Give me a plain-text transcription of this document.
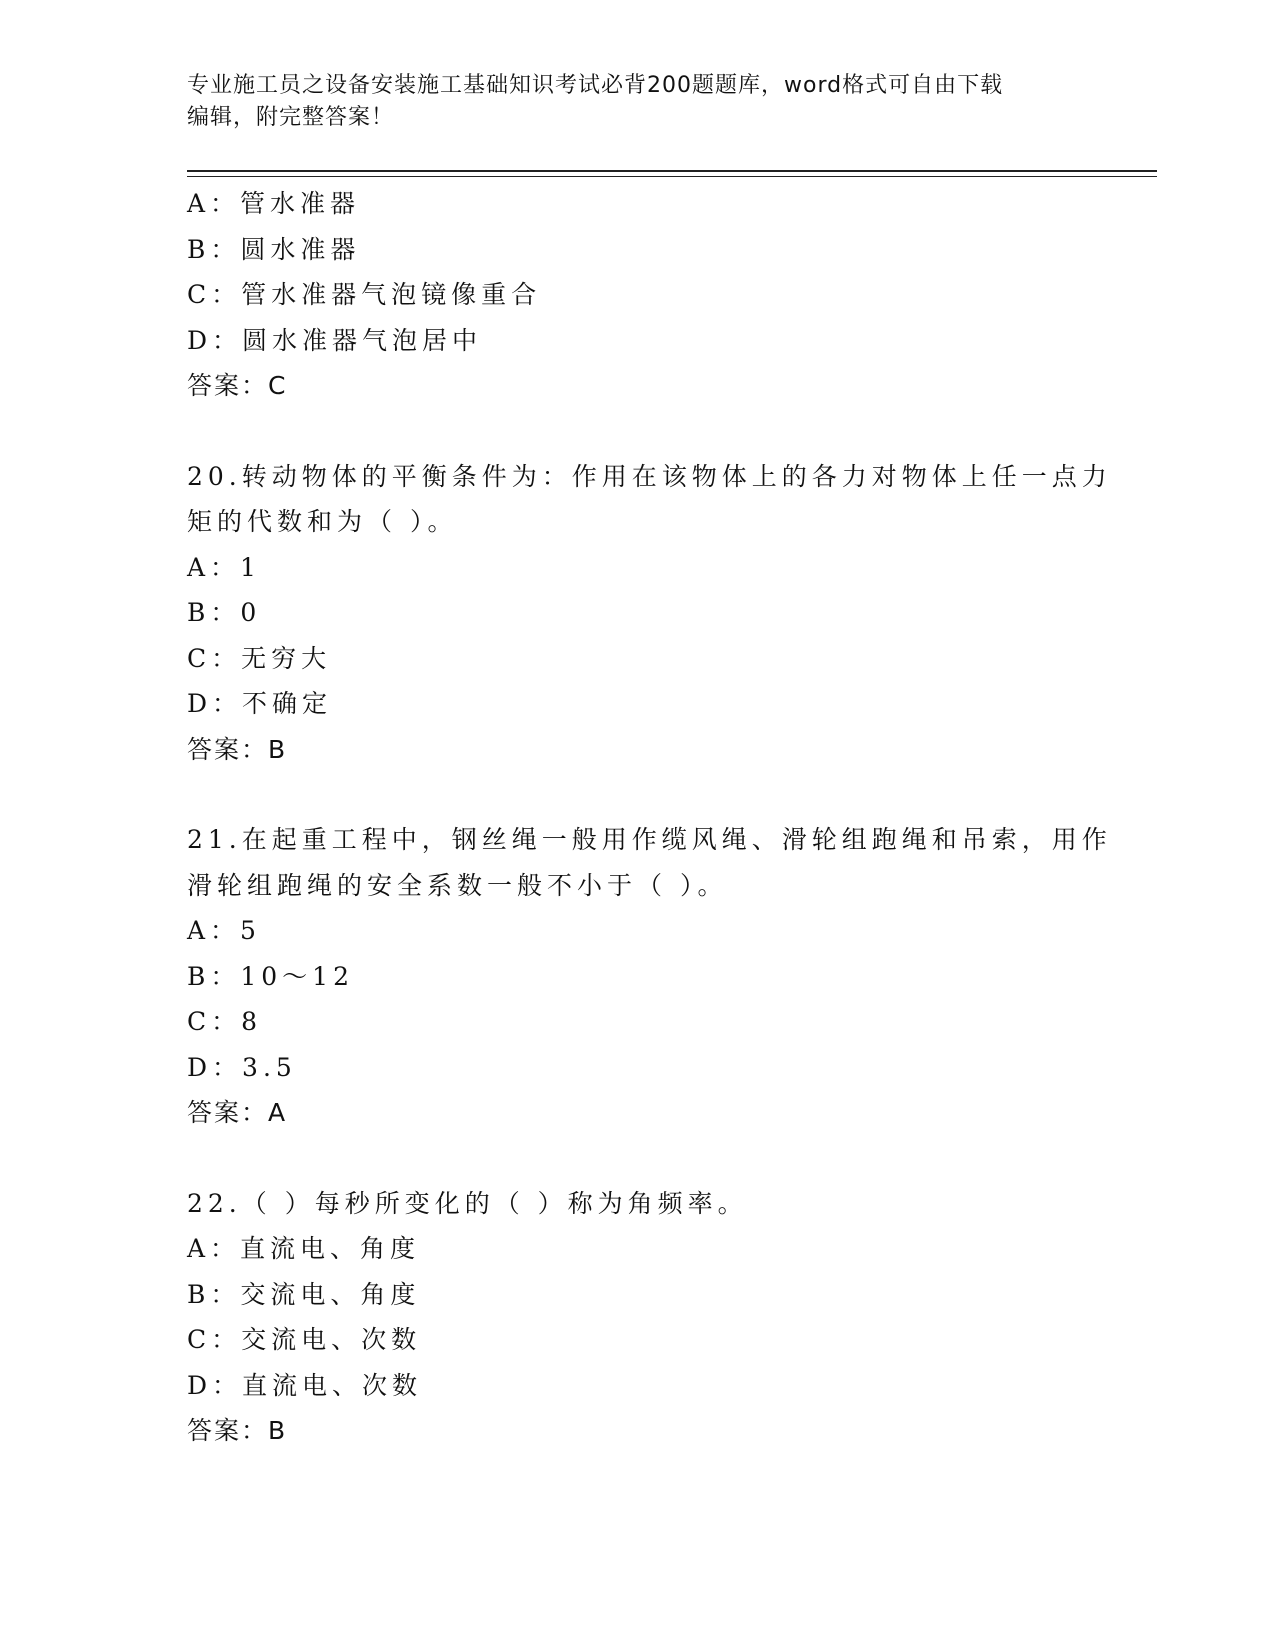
专业施工员之设备安装施工基础知识考试必背200题题库，word格式可自由下载
编辑，附完整答案！
A：管水准器
B：圆水准器
C：管水准器气泡镜像重合
D：圆水准器气泡居中
答案：C
20.转动物体的平衡条件为：作用在该物体上的各力对物体上任一点力
矩的代数和为（ ）。
A：1
B：0
C：无穷大
D：不确定
答案：B
21.在起重工程中，钢丝绳一般用作缆风绳、滑轮组跑绳和吊索，用作
滑轮组跑绳的安全系数一般不小于（ ）。
A：5
B：10～12
C：8
D：3.5
答案：A
22.（ ）每秒所变化的（ ）称为角频率。
A：直流电、角度
B：交流电、角度
C：交流电、次数
D：直流电、次数
答案：B
